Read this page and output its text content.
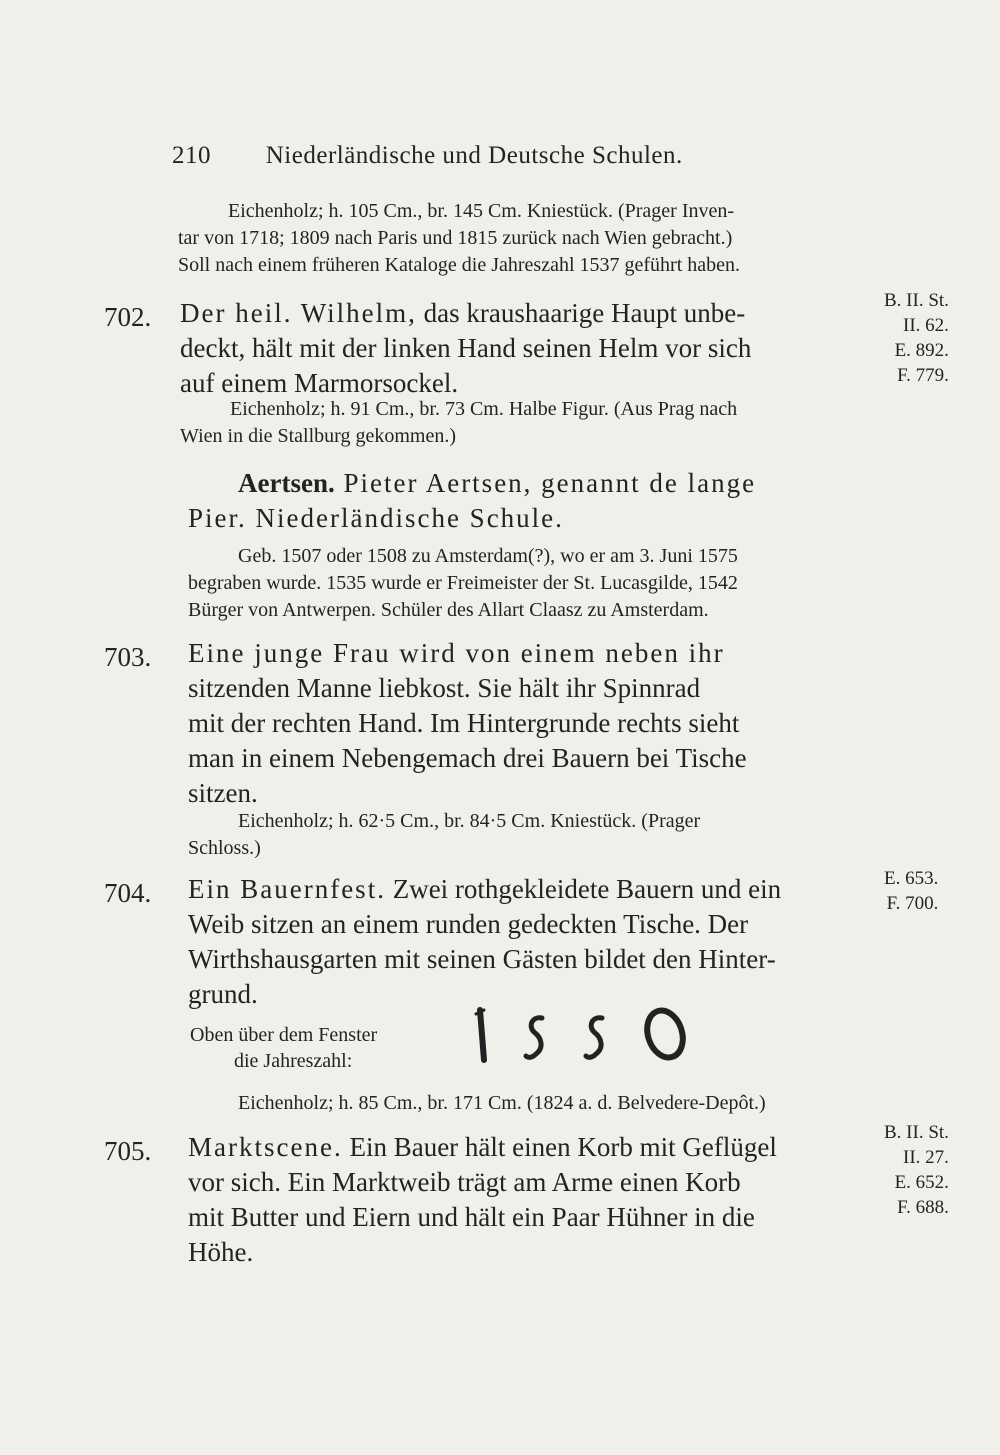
210 Niederländische und Deutsche Schulen.
Eichenholz; h. 105 Cm., br. 145 Cm. Kniestück. (Prager Inven-
tar von 1718; 1809 nach Paris und 1815 zurück nach Wien gebracht.)
Soll nach einem früheren Kataloge die Jahreszahl 1537 geführt haben.
702. Der heil. Wilhelm, das kraushaarige Haupt unbe-
deckt, hält mit der linken Hand seinen Helm vor sich
auf einem Marmorsockel.
B. II. St.
II. 62.
E. 892.
F. 779.
Eichenholz; h. 91 Cm., br. 73 Cm. Halbe Figur. (Aus Prag nach
Wien in die Stallburg gekommen.)
Aertsen. Pieter Aertsen, genannt de lange
Pier. Niederländische Schule.
Geb. 1507 oder 1508 zu Amsterdam(?), wo er am 3. Juni 1575
begraben wurde. 1535 wurde er Freimeister der St. Lucasgilde, 1542
Bürger von Antwerpen. Schüler des Allart Claasz zu Amsterdam.
703. Eine junge Frau wird von einem neben ihr
sitzenden Manne liebkost. Sie hält ihr Spinnrad
mit der rechten Hand. Im Hintergrunde rechts sieht
man in einem Nebengemach drei Bauern bei Tische
sitzen.
Eichenholz; h. 62·5 Cm., br. 84·5 Cm. Kniestück. (Prager
Schloss.)
704. Ein Bauernfest. Zwei rothgekleidete Bauern und ein
Weib sitzen an einem runden gedeckten Tische. Der
Wirthshausgarten mit seinen Gästen bildet den Hinter-
grund.
E. 653.
F. 700.
Oben über dem Fenster
die Jahreszahl:
Eichenholz; h. 85 Cm., br. 171 Cm. (1824 a. d. Belvedere-Depôt.)
705. Marktscene. Ein Bauer hält einen Korb mit Geflügel
vor sich. Ein Marktweib trägt am Arme einen Korb
mit Butter und Eiern und hält ein Paar Hühner in die
Höhe.
B. II. St.
II. 27.
E. 652.
F. 688.
